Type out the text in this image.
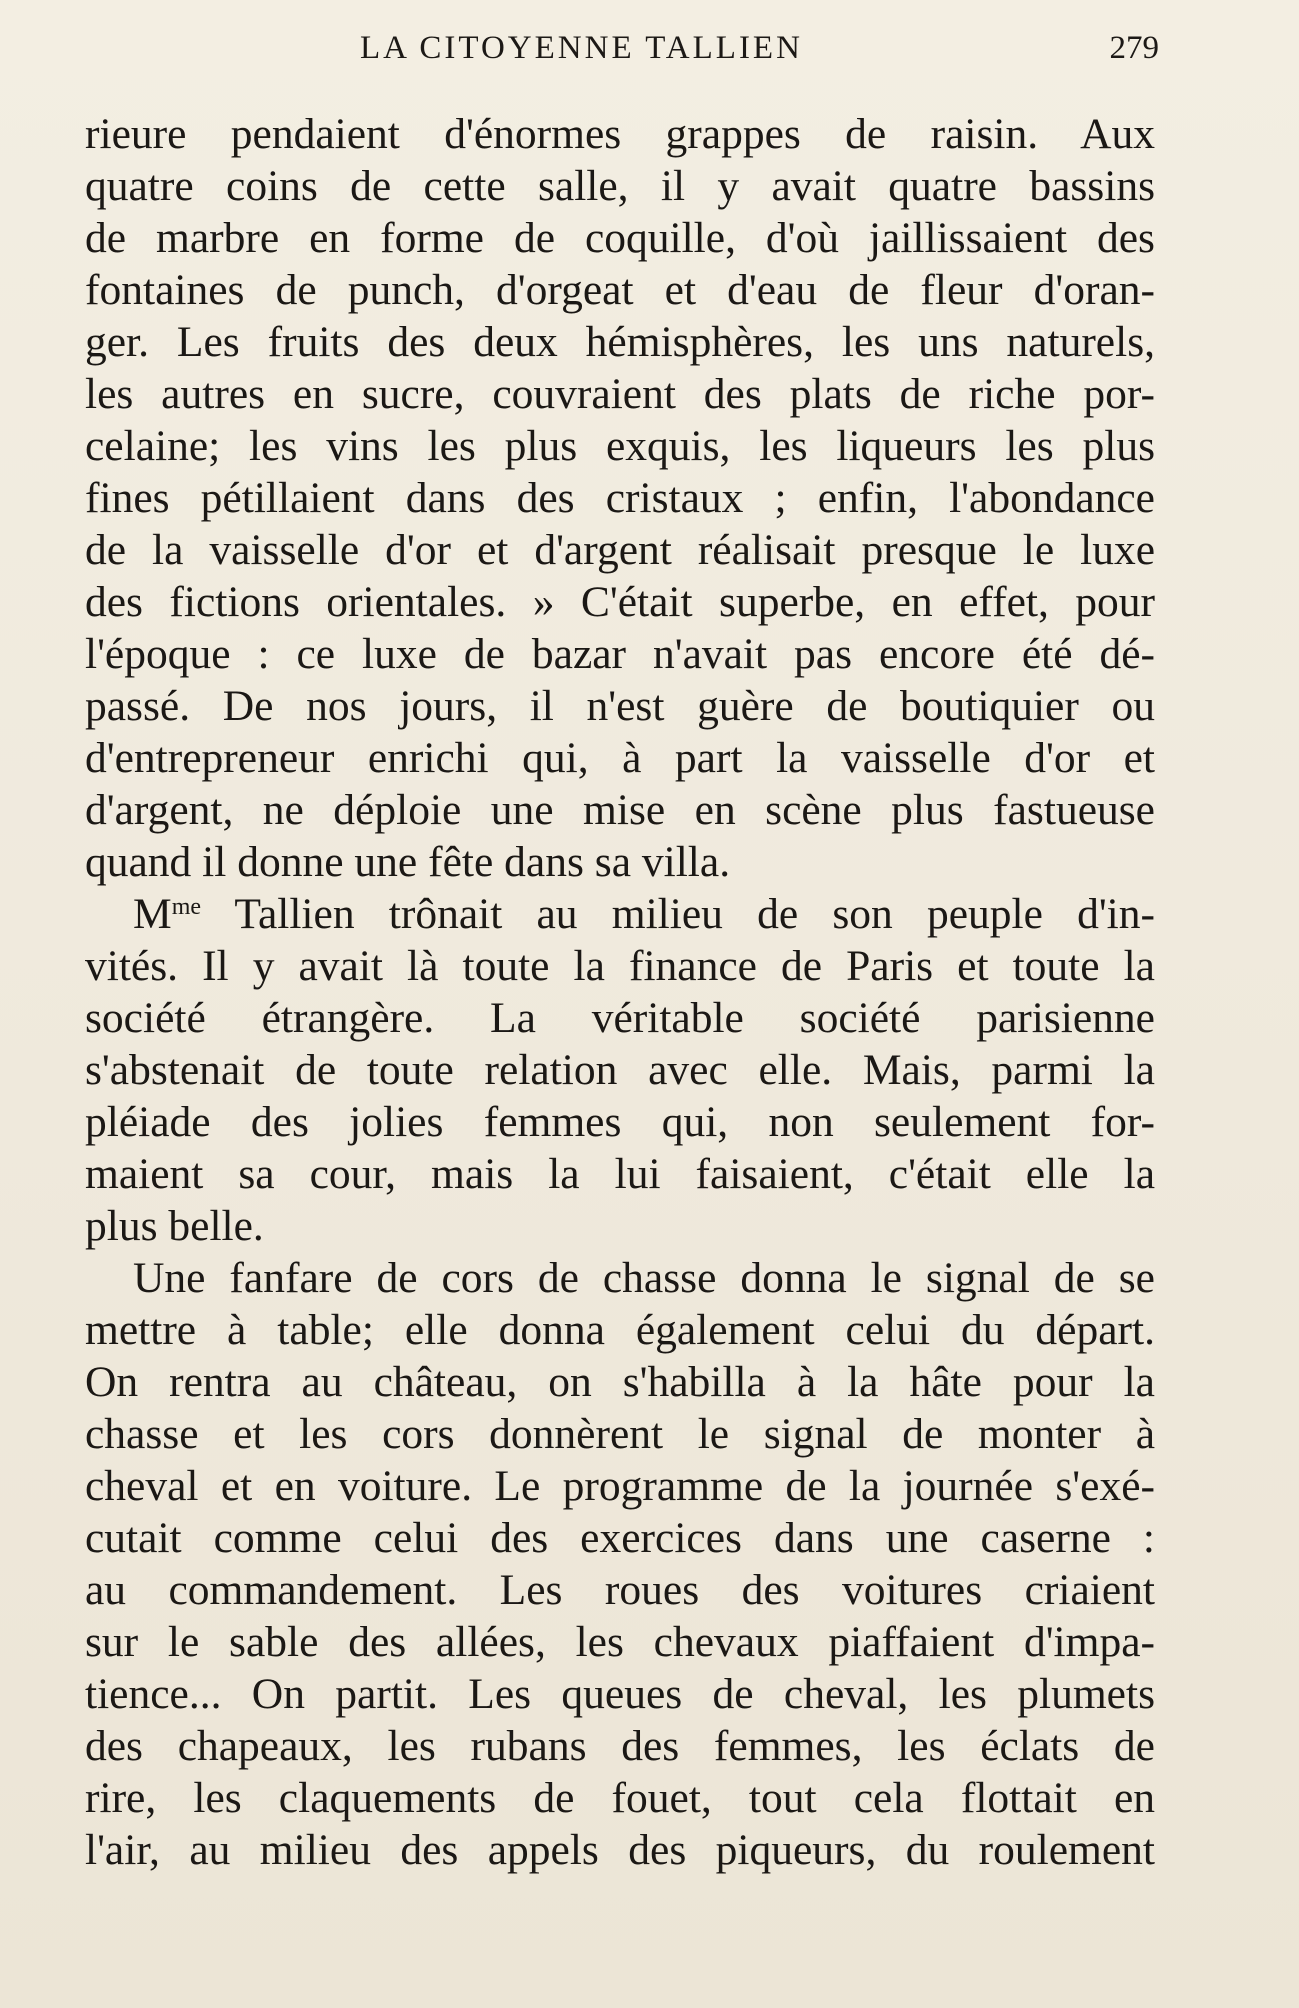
LA CITOYENNE TALLIEN	279
rieure pendaient d'énormes grappes de raisin. Aux
quatre coins de cette salle, il y avait quatre bassins
de marbre en forme de coquille, d'où jaillissaient des
fontaines de punch, d'orgeat et d'eau de fleur d'oran-
ger. Les fruits des deux hémisphères, les uns naturels,
les autres en sucre, couvraient des plats de riche por-
celaine; les vins les plus exquis, les liqueurs les plus
fines pétillaient dans des cristaux ; enfin, l'abondance
de la vaisselle d'or et d'argent réalisait presque le luxe
des fictions orientales. » C'était superbe, en effet, pour
l'époque : ce luxe de bazar n'avait pas encore été dé-
passé. De nos jours, il n'est guère de boutiquier ou
d'entrepreneur enrichi qui, à part la vaisselle d'or et
d'argent, ne déploie une mise en scène plus fastueuse
quand il donne une fête dans sa villa.
$M^{me}$ Tallien trônait au milieu de son peuple d'in-
vités. Il y avait là toute la finance de Paris et toute la
société étrangère. La véritable société parisienne
s'abstenait de toute relation avec elle. Mais, parmi la
pléiade des jolies femmes qui, non seulement for-
maient sa cour, mais la lui faisaient, c'était elle la
plus belle.
Une fanfare de cors de chasse donna le signal de se
mettre à table; elle donna également celui du départ.
On rentra au château, on s'habilla à la hâte pour la
chasse et les cors donnèrent le signal de monter à
cheval et en voiture. Le programme de la journée s'exé-
cutait comme celui des exercices dans une caserne :
au commandement. Les roues des voitures criaient
sur le sable des allées, les chevaux piaffaient d'impa-
tience... On partit. Les queues de cheval, les plumets
des chapeaux, les rubans des femmes, les éclats de
rire, les claquements de fouet, tout cela flottait en
l'air, au milieu des appels des piqueurs, du roulement
